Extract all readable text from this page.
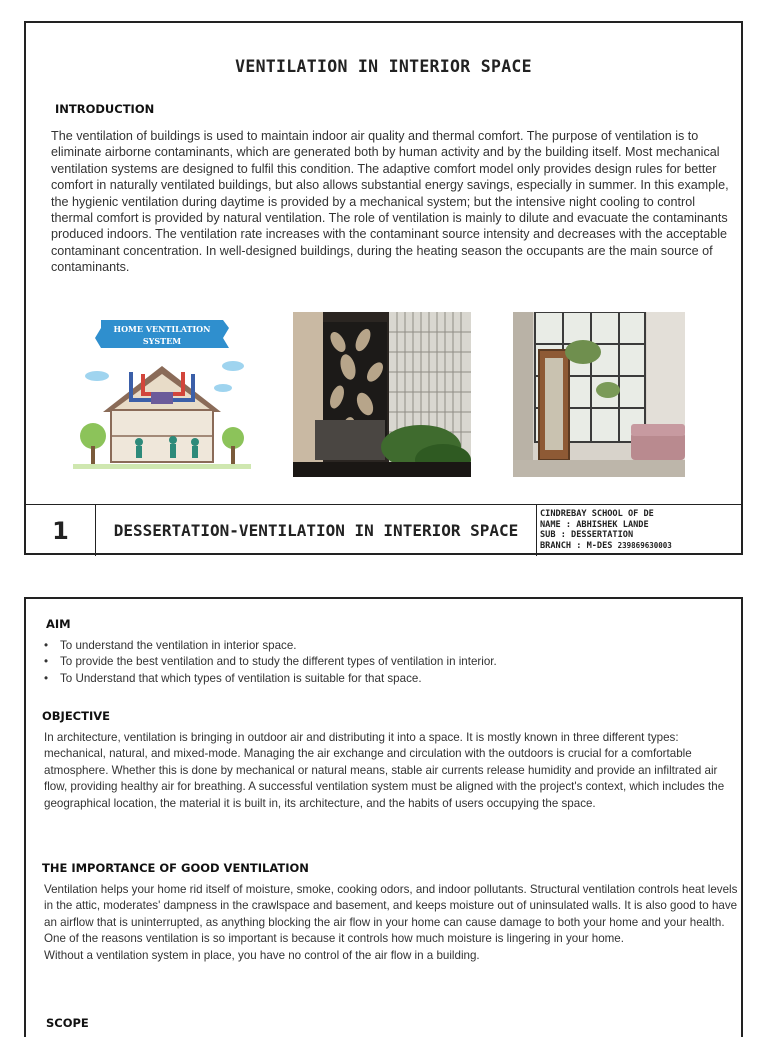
VENTILATION IN INTERIOR SPACE
INTRODUCTION

The ventilation of buildings is used to maintain indoor air quality and thermal comfort. The purpose of ventilation is to eliminate airborne contaminants, which are generated both by human activity and by the building itself. Most mechanical ventilation systems are designed to fulfil this condition. The adaptive comfort model only provides design rules for better comfort in naturally ventilated buildings, but also allows substantial energy savings, especially in summer. In this example, the hygienic ventilation during daytime is provided by a mechanical system; but the intensive night cooling to control thermal comfort is provided by natural ventilation. The role of ventilation is mainly to dilute and evacuate the contaminants produced indoors. The ventilation rate increases with the contaminant source intensity and decreases with the acceptable contaminant concentration. In well-designed buildings, during the heating season the occupants are the main source of contaminants.

HOME VENTILATION
SYSTEM
1	DESSERTATION-VENTILATION IN INTERIOR SPACE
CINDREBAY SCHOOL OF DE
NAME : ABHISHEK LANDE
SUB : DESSERTATION
BRANCH : M-DES 239869630003
AIM
• To understand the ventilation in interior space.
• To provide the best ventilation and to study the different types of ventilation in interior.
• To Understand that which types of ventilation is suitable for that space.
OBJECTIVE

In architecture, ventilation is bringing in outdoor air and distributing it into a space. It is mostly known in three different types: mechanical, natural, and mixed-mode. Managing the air exchange and circulation with the outdoors is crucial for a comfortable atmosphere. Whether this is done by mechanical or natural means, stable air currents release humidity and provide an infiltrated air flow, providing healthy air for breathing. A successful ventilation system must be aligned with the project's context, which includes the geographical location, the material it is built in, its architecture, and the habits of users occupying the space.

THE IMPORTANCE OF GOOD VENTILATION
Ventilation helps your home rid itself of moisture, smoke, cooking odors, and indoor pollutants. Structural ventilation controls heat levels in the attic, moderates' dampness in the crawlspace and basement, and keeps moisture out of uninsulated walls. It is also good to have an airflow that is uninterrupted, as anything blocking the air flow in your home can cause damage to both your home and your health. One of the reasons ventilation is so important is because it controls how much moisture is lingering in your home.
Without a ventilation system in place, you have no control of the air flow in a building.
SCOPE
